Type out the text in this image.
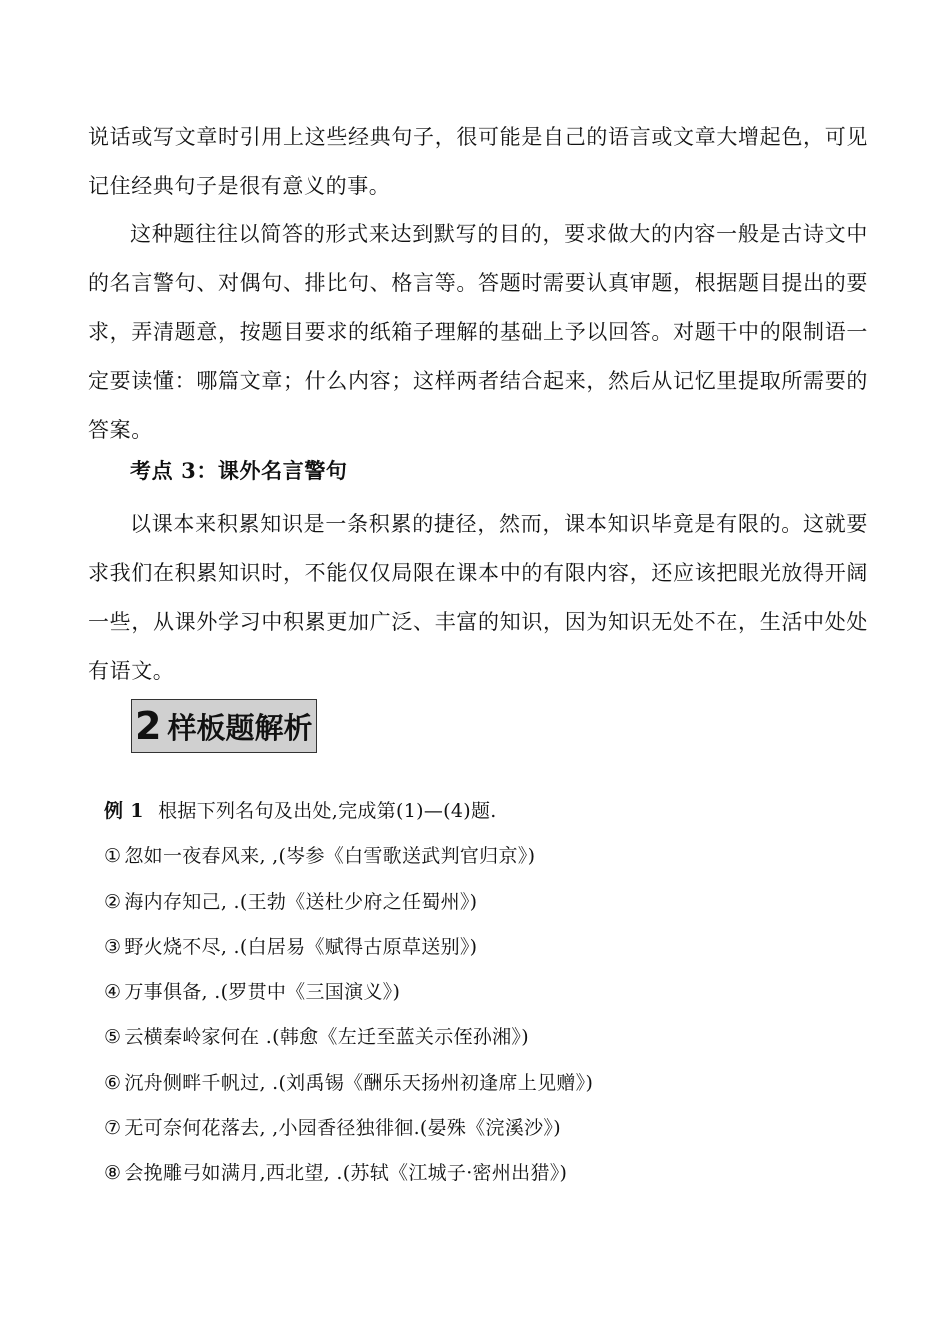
说话或写文章时引用上这些经典句子，很可能是自己的语言或文章大增起色，可见记住经典句子是很有意义的事。

这种题往往以简答的形式来达到默写的目的，要求做大的内容一般是古诗文中的名言警句、对偶句、排比句、格言等。答题时需要认真审题，根据题目提出的要求，弄清题意，按题目要求的纸箱子理解的基础上予以回答。对题干中的限制语一定要读懂：哪篇文章；什么内容；这样两者结合起来，然后从记忆里提取所需要的答案。

考点 3：课外名言警句

以课本来积累知识是一条积累的捷径，然而，课本知识毕竟是有限的。这就要求我们在积累知识时，不能仅仅局限在课本中的有限内容，还应该把眼光放得开阔一些，从课外学习中积累更加广泛、丰富的知识，因为知识无处不在，生活中处处有语文。

2 样板题解析
例 1 根据下列名句及出处,完成第(1)—(4)题.
① 忽如一夜春风来, ,(岑参《白雪歌送武判官归京》)
② 海内存知己, .(王勃《送杜少府之任蜀州》)
③ 野火烧不尽, .(白居易《赋得古原草送别》)
④ 万事俱备, .(罗贯中《三国演义》)
⑤ 云横秦岭家何在 .(韩愈《左迁至蓝关示侄孙湘》)
⑥ 沉舟侧畔千帆过, .(刘禹锡《酬乐天扬州初逢席上见赠》)
⑦ 无可奈何花落去, ,小园香径独徘徊.(晏殊《浣溪沙》)
⑧ 会挽雕弓如满月,西北望, .(苏轼《江城子·密州出猎》)
